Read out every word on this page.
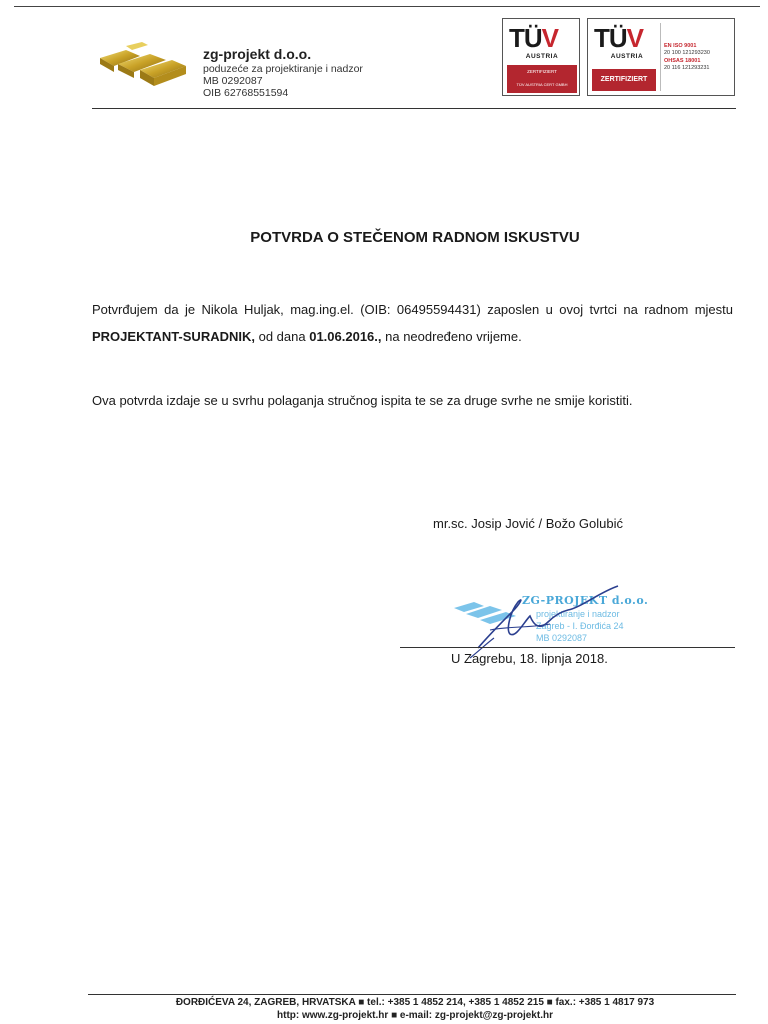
zg-projekt d.o.o.
poduzeće za projektiranje i nadzor
MB 0292087
OIB 62768551594
TÜV
AUSTRIA
ZERTIFIZIERT
TÜV AUSTRIA CERT GMBH
TÜV
AUSTRIA
ZERTIFIZIERT
EN ISO 9001
20 100 121293230
OHSAS 18001
20 116 121293231
POTVRDA O STEČENOM RADNOM ISKUSTVU
Potvrđujem da je Nikola Huljak, mag.ing.el. (OIB: 06495594431) zaposlen u ovoj tvrtci na radnom mjestu PROJEKTANT-SURADNIK, od dana 01.06.2016., na neodređeno vrijeme.
Ova potvrda izdaje se u svrhu polaganja stručnog ispita te se za druge svrhe ne smije koristiti.
mr.sc. Josip Jović / Božo Golubić
ZG-PROJEKT d.o.o.
projektiranje i nadzor
Zagreb - I. Đorđića 24
MB 0292087
U Zagrebu, 18. lipnja 2018.
ĐORĐIĆEVA 24, ZAGREB, HRVATSKA ■ tel.: +385 1 4852 214, +385 1 4852 215 ■ fax.: +385 1 4817 973
http: www.zg-projekt.hr ■ e-mail: zg-projekt@zg-projekt.hr
